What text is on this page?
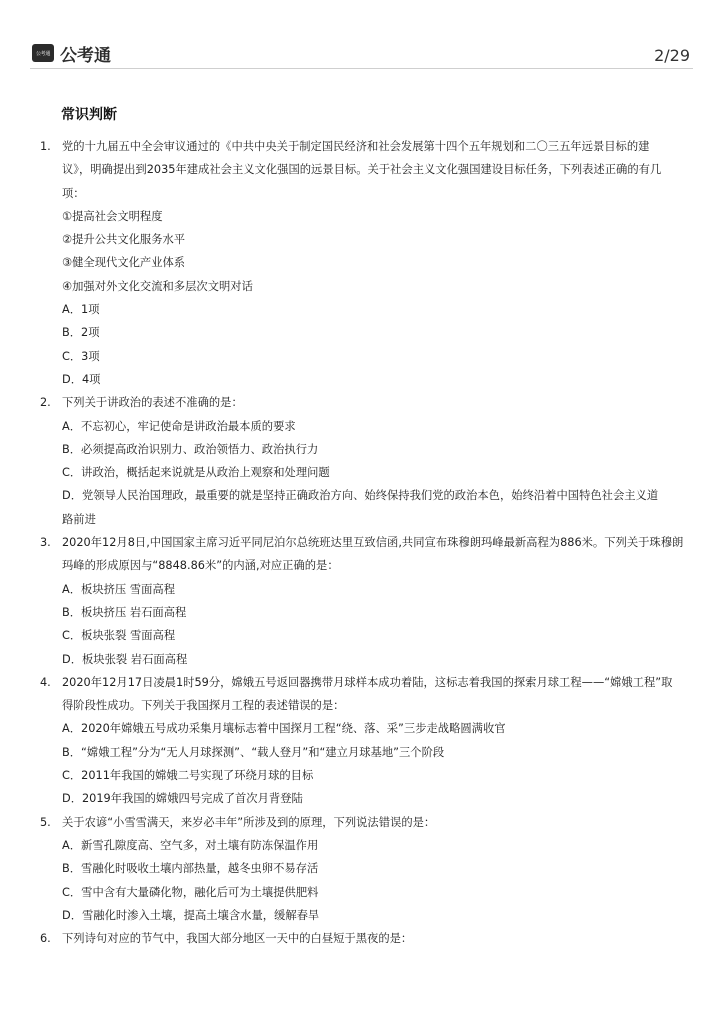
公考通 公考通	2/29
常识判断
1. 党的十九届五中全会审议通过的《中共中央关于制定国民经济和社会发展第十四个五年规划和二〇三五年远景目标的建
议》，明确提出到2035年建成社会主义文化强国的远景目标。关于社会主义文化强国建设目标任务，下列表述正确的有几
项：
①提高社会文明程度
②提升公共文化服务水平
③健全现代文化产业体系
④加强对外文化交流和多层次文明对话
A．1项
B．2项
C．3项
D．4项
2. 下列关于讲政治的表述不准确的是：
A．不忘初心，牢记使命是讲政治最本质的要求
B．必须提高政治识别力、政治领悟力、政治执行力
C．讲政治，概括起来说就是从政治上观察和处理问题
D．党领导人民治国理政，最重要的就是坚持正确政治方向、始终保持我们党的政治本色，始终沿着中国特色社会主义道
路前进
3. 2020年12月8日,中国国家主席习近平同尼泊尔总统班达里互致信函,共同宣布珠穆朗玛峰最新高程为886米。下列关于珠穆朗
玛峰的形成原因与“8848.86米”的内涵,对应正确的是：
A．板块挤压 雪面高程
B．板块挤压 岩石面高程
C．板块张裂 雪面高程
D．板块张裂 岩石面高程
4. 2020年12月17日凌晨1时59分，嫦娥五号返回器携带月球样本成功着陆，这标志着我国的探索月球工程——“嫦娥工程”取
得阶段性成功。下列关于我国探月工程的表述错误的是：
A．2020年嫦娥五号成功采集月壤标志着中国探月工程“绕、落、采”三步走战略圆满收官
B．“嫦娥工程”分为“无人月球探测”、“载人登月”和“建立月球基地”三个阶段
C．2011年我国的嫦娥二号实现了环绕月球的目标
D．2019年我国的嫦娥四号完成了首次月背登陆
5. 关于农谚“小雪雪满天，来岁必丰年”所涉及到的原理，下列说法错误的是：
A．新雪孔隙度高、空气多，对土壤有防冻保温作用
B．雪融化时吸收土壤内部热量，越冬虫卵不易存活
C．雪中含有大量磷化物，融化后可为土壤提供肥料
D．雪融化时渗入土壤，提高土壤含水量，缓解春旱
6. 下列诗句对应的节气中，我国大部分地区一天中的白昼短于黑夜的是：
